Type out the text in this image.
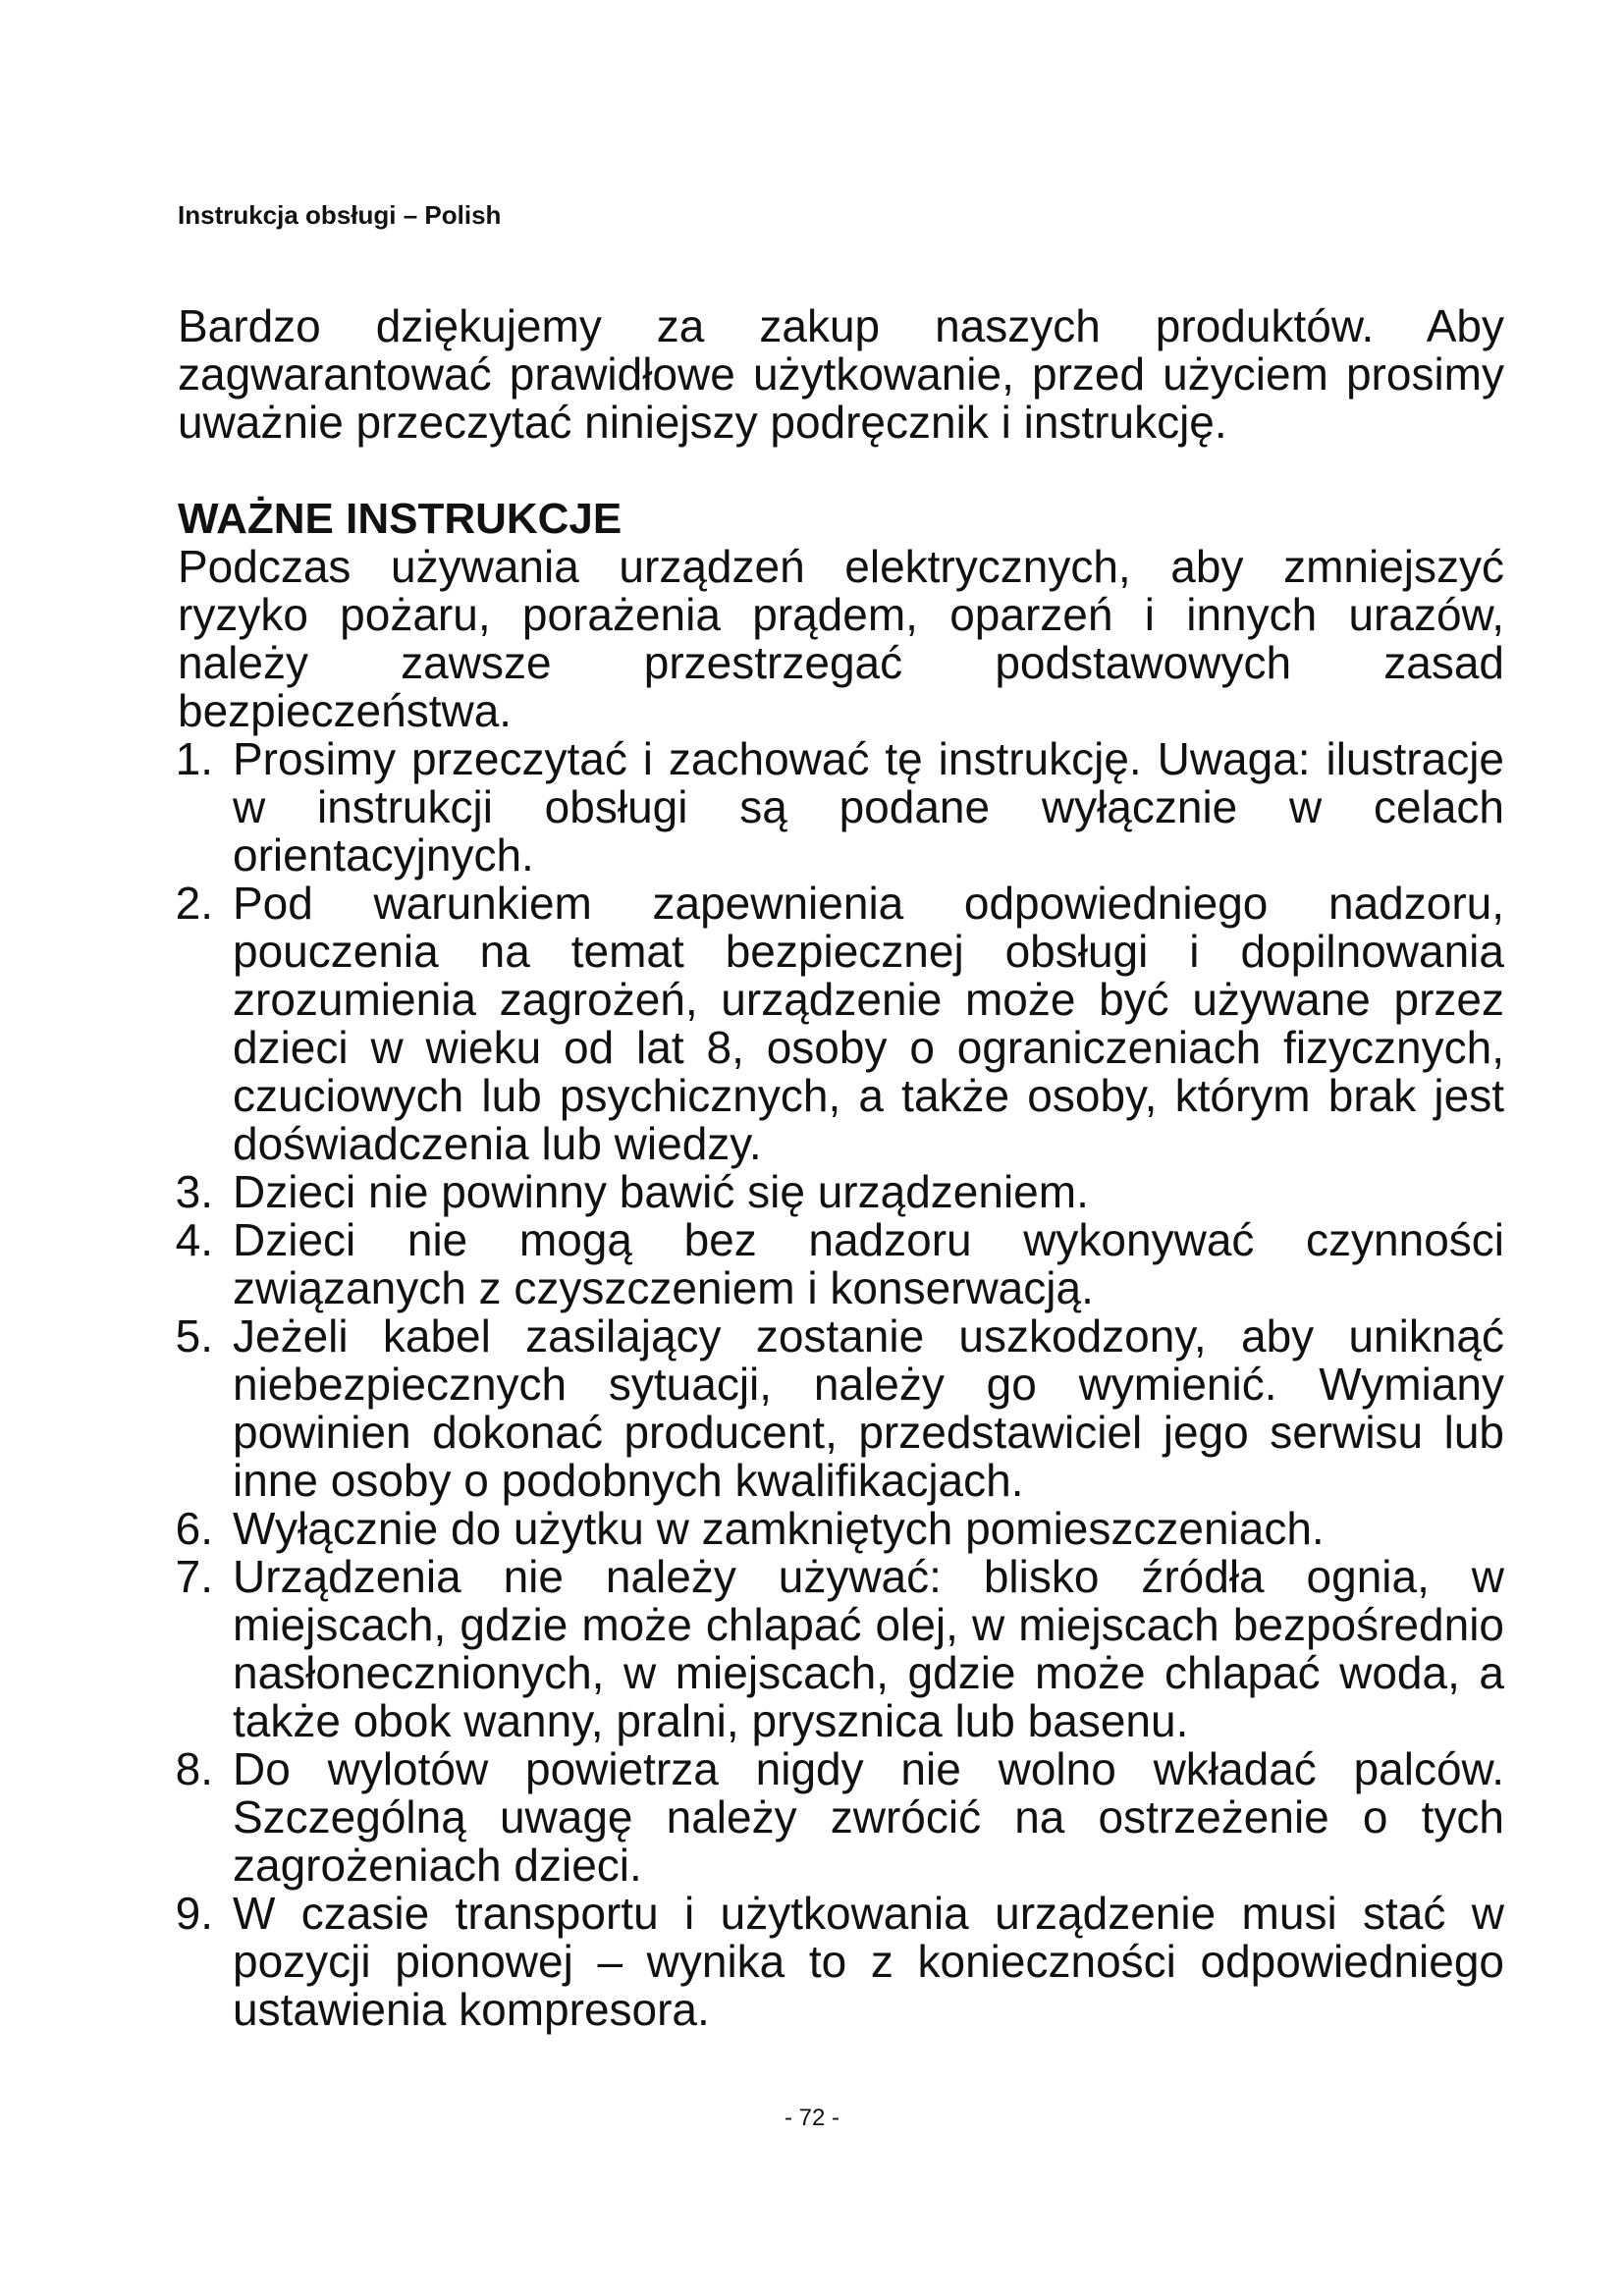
Instrukcja obsługi – Polish

Bardzo dziękujemy za zakup naszych produktów. Aby zagwarantować prawidłowe użytkowanie, przed użyciem prosimy uważnie przeczytać niniejszy podręcznik i instrukcję.

WAŻNE INSTRUKCJE

Podczas używania urządzeń elektrycznych, aby zmniejszyć ryzyko pożaru, porażenia prądem, oparzeń i innych urazów, należy zawsze przestrzegać podstawowych zasad bezpieczeństwa.

1. Prosimy przeczytać i zachować tę instrukcję. Uwaga: ilustracje w instrukcji obsługi są podane wyłącznie w celach orientacyjnych.
2. Pod warunkiem zapewnienia odpowiedniego nadzoru, pouczenia na temat bezpiecznej obsługi i dopilnowania zrozumienia zagrożeń, urządzenie może być używane przez dzieci w wieku od lat 8, osoby o ograniczeniach fizycznych, czuciowych lub psychicznych, a także osoby, którym brak jest doświadczenia lub wiedzy.
3. Dzieci nie powinny bawić się urządzeniem.
4. Dzieci nie mogą bez nadzoru wykonywać czynności związanych z czyszczeniem i konserwacją.
5. Jeżeli kabel zasilający zostanie uszkodzony, aby uniknąć niebezpiecznych sytuacji, należy go wymienić. Wymiany powinien dokonać producent, przedstawiciel jego serwisu lub inne osoby o podobnych kwalifikacjach.
6. Wyłącznie do użytku w zamkniętych pomieszczeniach.
7. Urządzenia nie należy używać: blisko źródła ognia, w miejscach, gdzie może chlapać olej, w miejscach bezpośrednio nasłonecznionych, w miejscach, gdzie może chlapać woda, a także obok wanny, pralni, prysznica lub basenu.
8. Do wylotów powietrza nigdy nie wolno wkładać palców. Szczególną uwagę należy zwrócić na ostrzeżenie o tych zagrożeniach dzieci.
9. W czasie transportu i użytkowania urządzenie musi stać w pozycji pionowej – wynika to z konieczności odpowiedniego ustawienia kompresora.
- 72 -
